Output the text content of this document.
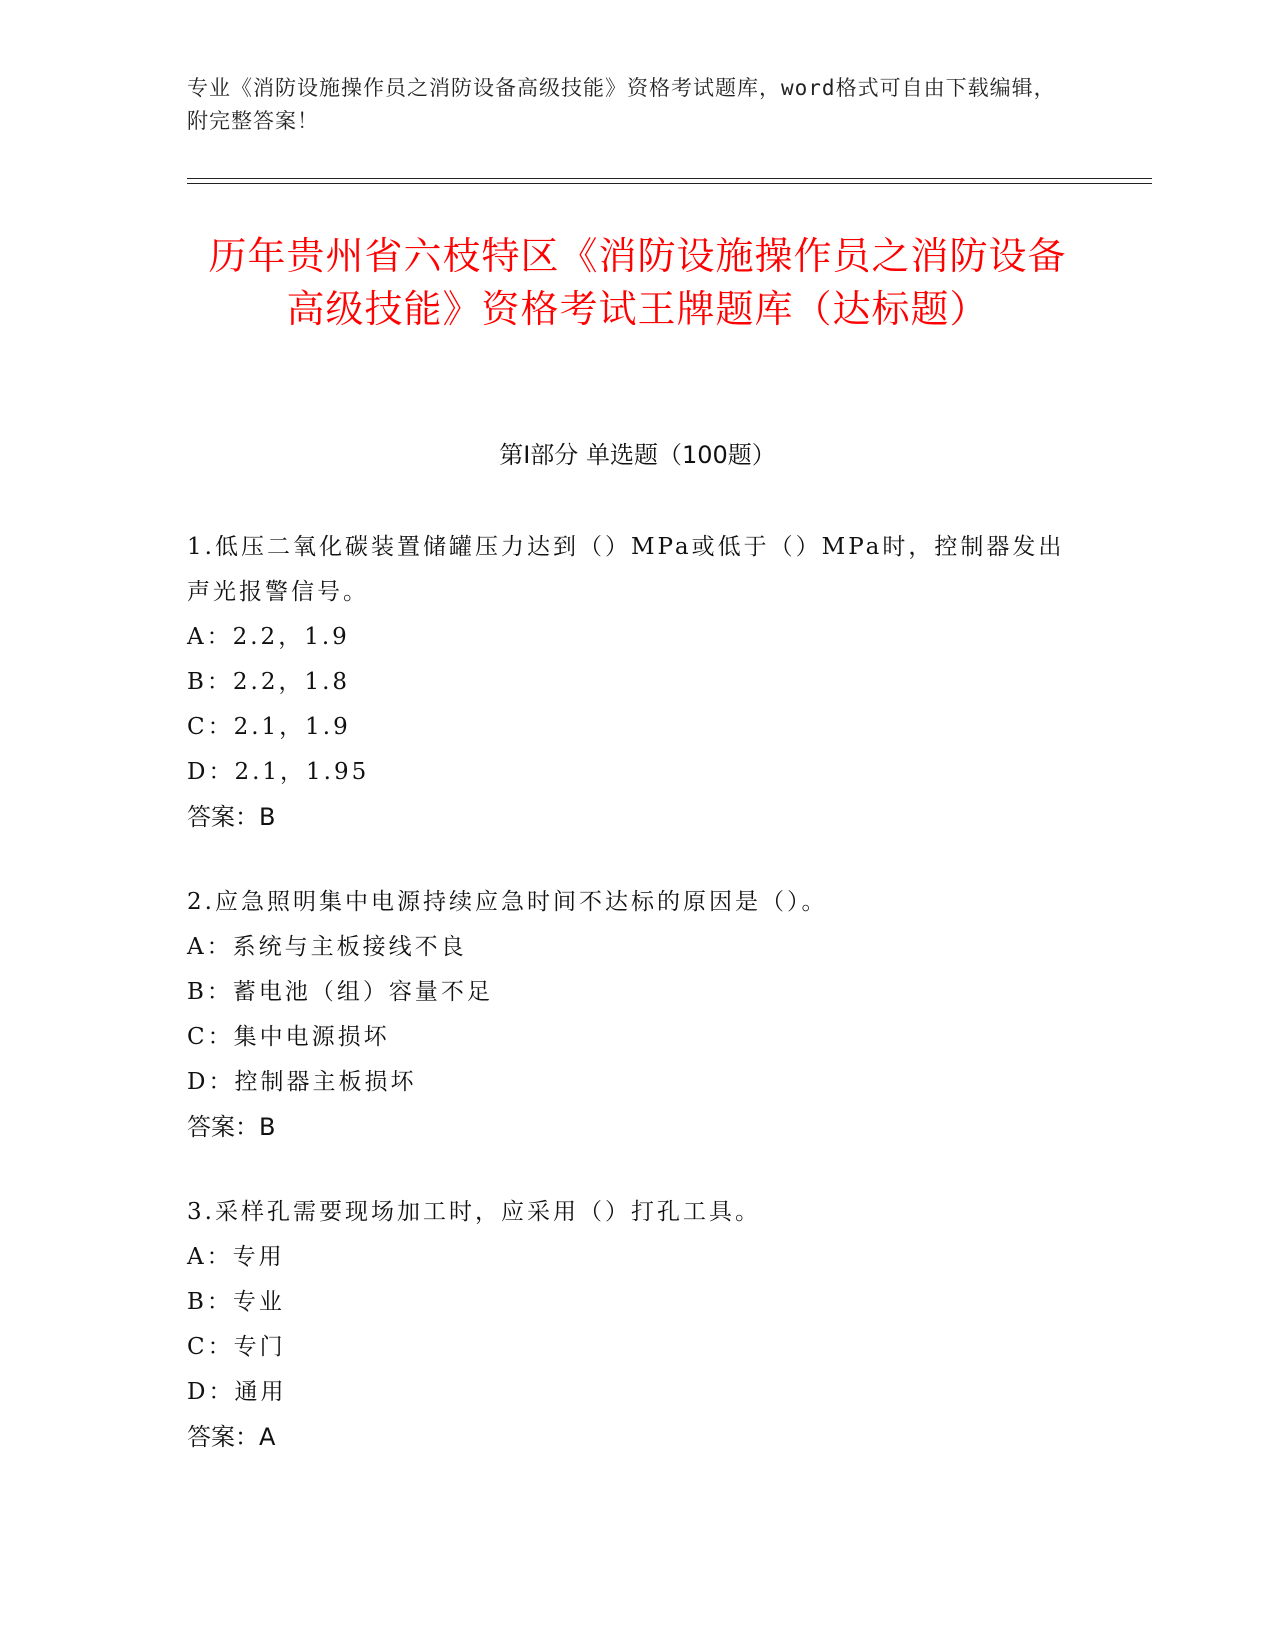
专业《消防设施操作员之消防设备高级技能》资格考试题库，word格式可自由下载编辑，附完整答案！
历年贵州省六枝特区《消防设施操作员之消防设备高级技能》资格考试王牌题库（达标题）
第I部分 单选题（100题）
1.低压二氧化碳装置储罐压力达到（）MPa或低于（）MPa时，控制器发出声光报警信号。
A：2.2，1.9
B：2.2，1.8
C：2.1，1.9
D：2.1，1.95
答案：B
2.应急照明集中电源持续应急时间不达标的原因是（）。
A：系统与主板接线不良
B：蓄电池（组）容量不足
C：集中电源损坏
D：控制器主板损坏
答案：B
3.采样孔需要现场加工时，应采用（）打孔工具。
A：专用
B：专业
C：专门
D：通用
答案：A
